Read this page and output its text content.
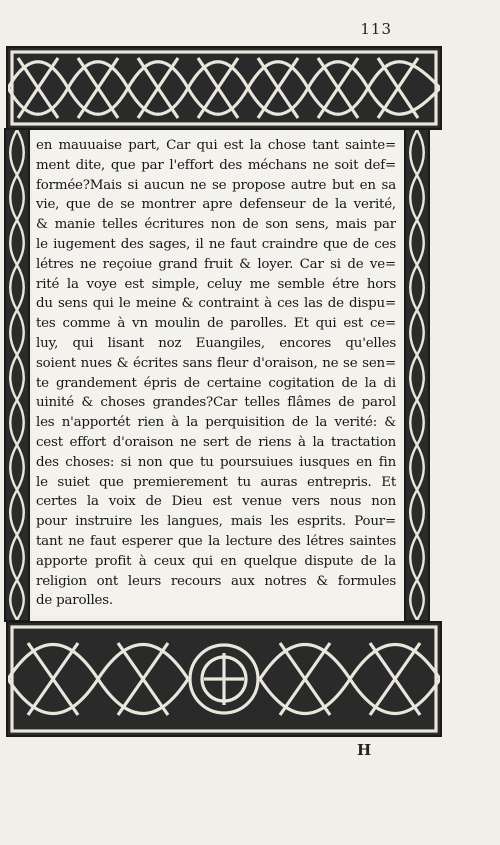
113
en mauuaise part, Car qui est la chose tant sainte=
ment dite, que par l'effort des méchans ne soit def=
formée?Mais si aucun ne se propose autre but en sa
vie, que de se montrer apre defenseur de la verité,
& manie telles écritures non de son sens, mais par
le iugement des sages, il ne faut craindre que de ces
létres ne reçoiue grand fruit & loyer. Car si de ve=
rité la voye est simple, celuy me semble étre hors
du sens qui le meine & contraint à ces las de dispu=
tes comme à vn moulin de parolles. Et qui est ce=
luy, qui lisant noz Euangiles, encores qu'elles
soient nues & écrites sans fleur d'oraison, ne se sen=
te grandement épris de certaine cogitation de la di
uinité & choses grandes?Car telles flâmes de parol
les n'apportét rien à la perquisition de la verité: &
cest effort d'oraison ne sert de riens à la tractation
des choses: si non que tu poursuiues iusques en fin
le suiet que premierement tu auras entrepris. Et
certes la voix de Dieu est venue vers nous non
pour instruire les langues, mais les esprits. Pour=
tant ne faut esperer que la lecture des létres saintes
apporte profit à ceux qui en quelque dispute de la
religion ont leurs recours aux notres & formules
de parolles.
H
